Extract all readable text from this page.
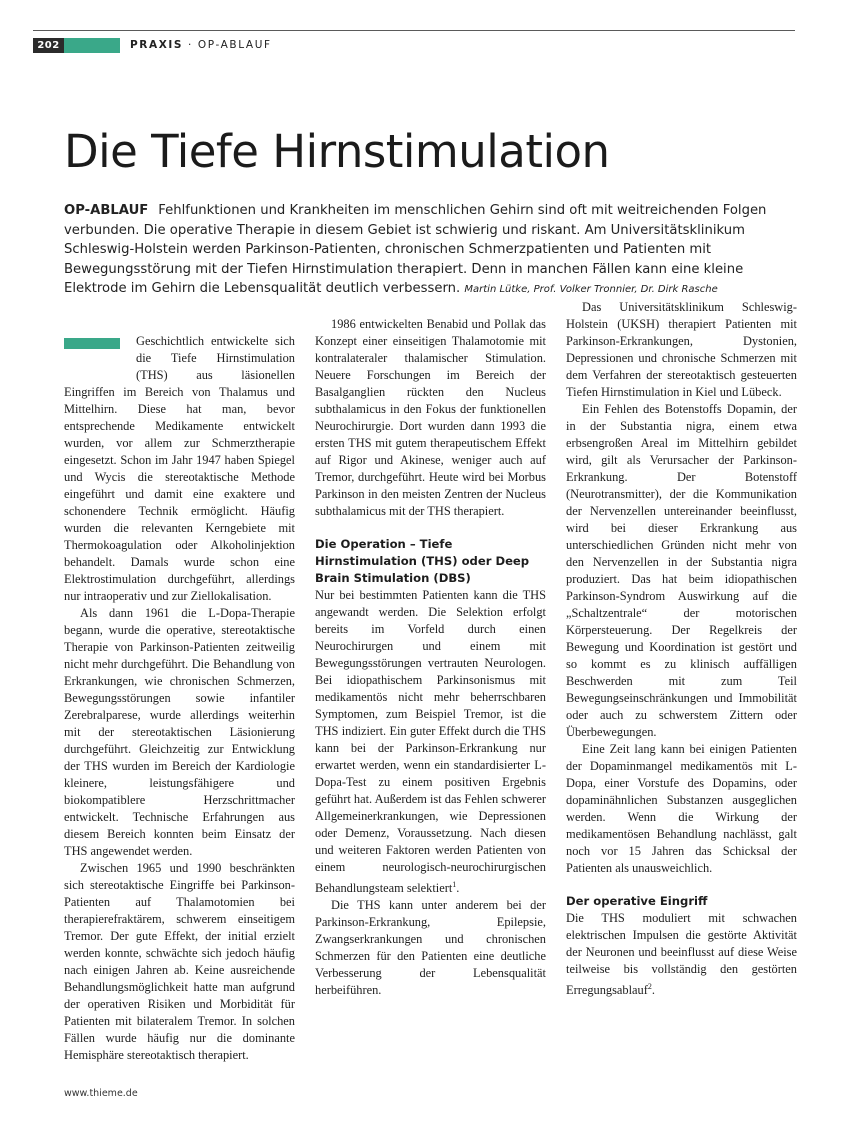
202	PRAXIS · OP-ABLAUF
Die Tiefe Hirnstimulation
OP-ABLAUF Fehlfunktionen und Krankheiten im menschlichen Gehirn sind oft mit weitreichenden Folgen verbunden. Die operative Therapie in diesem Gebiet ist schwierig und riskant. Am Universitätsklinikum Schleswig-Holstein werden Parkinson-Patienten, chronischen Schmerzpatienten und Patienten mit Bewegungsstörung mit der Tiefen Hirnstimulation therapiert. Denn in manchen Fällen kann eine kleine Elektrode im Gehirn die Lebensqualität deutlich verbessern. Martin Lütke, Prof. Volker Tronnier, Dr. Dirk Rasche

Geschichtlich entwickelte sich die Tiefe Hirnstimulation (THS) aus läsionellen Eingriffen im Bereich von Thalamus und Mittelhirn. Diese hat man, bevor entsprechende Medikamente entwickelt wurden, vor allem zur Schmerztherapie eingesetzt. Schon im Jahr 1947 haben Spiegel und Wycis die stereotaktische Methode eingeführt und damit eine exaktere und schonendere Technik ermöglicht. Häufig wurden die relevanten Kerngebiete mit Thermokoagulation oder Alkoholinjektion behandelt. Damals wurde schon eine Elektrostimulation durchgeführt, allerdings nur intraoperativ und zur Ziellokalisation.

Als dann 1961 die L-Dopa-Therapie begann, wurde die operative, stereotaktische Therapie von Parkinson-Patienten zeitweilig nicht mehr durchgeführt. Die Behandlung von Erkrankungen, wie chronischen Schmerzen, Bewegungsstörungen sowie infantiler Zerebralparese, wurde allerdings weiterhin mit der stereotaktischen Läsionierung durchgeführt. Gleichzeitig zur Entwicklung der THS wurden im Bereich der Kardiologie kleinere, leistungsfähigere und biokompatiblere Herzschrittmacher entwickelt. Technische Erfahrungen aus diesem Bereich konnten beim Einsatz der THS angewendet werden.

Zwischen 1965 und 1990 beschränkten sich stereotaktische Eingriffe bei Parkinson-Patienten auf Thalamotomien bei therapierefraktärem, schwerem einseitigem Tremor. Der gute Effekt, der initial erzielt werden konnte, schwächte sich jedoch häufig nach einigen Jahren ab. Keine ausreichende Behandlungsmöglichkeit hatte man aufgrund der operativen Risiken und Morbidität für Patienten mit bilateralem Tremor. In solchen Fällen wurde häufig nur die dominante Hemisphäre stereotaktisch therapiert.

1986 entwickelten Benabid und Pollak das Konzept einer einseitigen Thalamotomie mit kontralateraler thalamischer Stimulation. Neuere Forschungen im Bereich der Basalganglien rückten den Nucleus subthalamicus in den Fokus der funktionellen Neurochirurgie. Dort wurden dann 1993 die ersten THS mit gutem therapeutischem Effekt auf Rigor und Akinese, weniger auch auf Tremor, durchgeführt. Heute wird bei Morbus Parkinson in den meisten Zentren der Nucleus subthalamicus mit der THS therapiert.

Die Operation – Tiefe Hirnstimulation (THS) oder Deep Brain Stimulation (DBS)

Nur bei bestimmten Patienten kann die THS angewandt werden. Die Selektion erfolgt bereits im Vorfeld durch einen Neurochirurgen und einem mit Bewegungsstörungen vertrauten Neurologen. Bei idiopathischem Parkinsonismus mit medikamentös nicht mehr beherrschbaren Symptomen, zum Beispiel Tremor, ist die THS indiziert. Ein guter Effekt durch die THS kann bei der Parkinson-Erkrankung nur erwartet werden, wenn ein standardisierter L-Dopa-Test zu einem positiven Ergebnis geführt hat. Außerdem ist das Fehlen schwerer Allgemeinerkrankungen, wie Depressionen oder Demenz, Voraussetzung. Nach diesen und weiteren Faktoren werden Patienten von einem neurologisch-neurochirurgischen Behandlungsteam selektiert$^1$.

Die THS kann unter anderem bei der Parkinson-Erkrankung, Epilepsie, Zwangserkrankungen und chronischen Schmerzen für den Patienten eine deutliche Verbesserung der Lebensqualität herbeiführen.

Das Universitätsklinikum Schleswig-Holstein (UKSH) therapiert Patienten mit Parkinson-Erkrankungen, Dystonien, Depressionen und chronische Schmerzen mit dem Verfahren der stereotaktisch gesteuerten Tiefen Hirnstimulation in Kiel und Lübeck.

Ein Fehlen des Botenstoffs Dopamin, der in der Substantia nigra, einem etwa erbsengroßen Areal im Mittelhirn gebildet wird, gilt als Verursacher der Parkinson-Erkrankung. Der Botenstoff (Neurotransmitter), der die Kommunikation der Nervenzellen untereinander beeinflusst, wird bei dieser Erkrankung aus unterschiedlichen Gründen nicht mehr von den Nervenzellen in der Substantia nigra produziert. Das hat beim idiopathischen Parkinson-Syndrom Auswirkung auf die „Schaltzentrale“ der motorischen Körpersteuerung. Der Regelkreis der Bewegung und Koordination ist gestört und so kommt es zu klinisch auffälligen Beschwerden mit zum Teil Bewegungseinschränkungen und Immobilität oder auch zu schwerstem Zittern oder Überbewegungen.

Eine Zeit lang kann bei einigen Patienten der Dopaminmangel medikamentös mit L-Dopa, einer Vorstufe des Dopamins, oder dopaminähnlichen Substanzen ausgeglichen werden. Wenn die Wirkung der medikamentösen Behandlung nachlässt, galt noch vor 15 Jahren das Schicksal der Patienten als unausweichlich.

Der operative Eingriff

Die THS moduliert mit schwachen elektrischen Impulsen die gestörte Aktivität der Neuronen und beeinflusst auf diese Weise teilweise bis vollständig den gestörten Erregungsablauf$^2$.

www.thieme.de
